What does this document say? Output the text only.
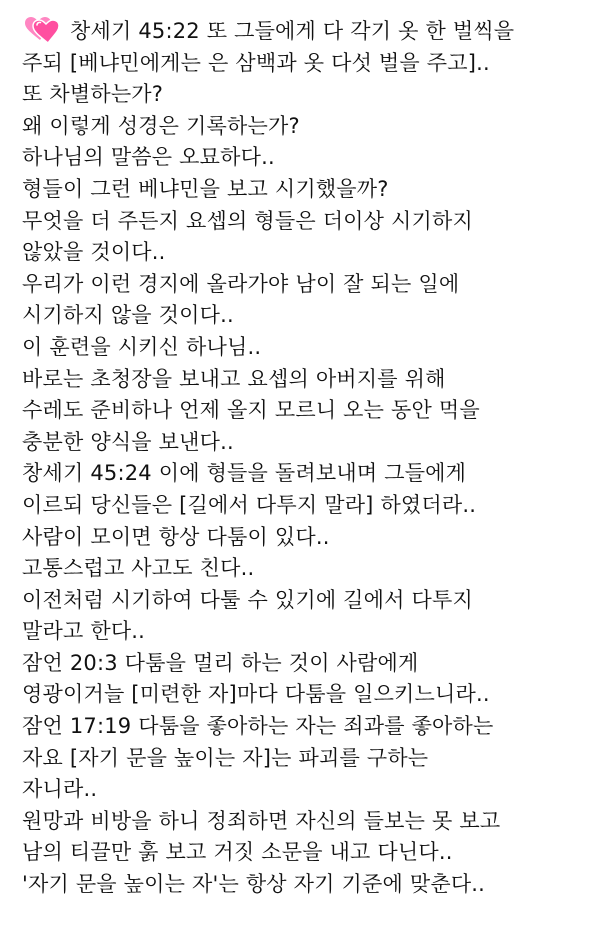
창세기 45:22 또 그들에게 다 각기 옷 한 벌씩을
주되 [베냐민에게는 은 삼백과 옷 다섯 벌을 주고]..
또 차별하는가?
왜 이렇게 성경은 기록하는가?
하나님의 말씀은 오묘하다..
형들이 그런 베냐민을 보고 시기했을까?
무엇을 더 주든지 요셉의 형들은 더이상 시기하지
않았을 것이다..
우리가 이런 경지에 올라가야 남이 잘 되는 일에
시기하지 않을 것이다..
이 훈련을 시키신 하나님..
바로는 초청장을 보내고 요셉의 아버지를 위해
수레도 준비하나 언제 올지 모르니 오는 동안 먹을
충분한 양식을 보낸다..
창세기 45:24 이에 형들을 돌려보내며 그들에게
이르되 당신들은 [길에서 다투지 말라] 하였더라..
사람이 모이면 항상 다툼이 있다..
고통스럽고 사고도 친다..
이전처럼 시기하여 다툴 수 있기에 길에서 다투지
말라고 한다..
잠언 20:3 다툼을 멀리 하는 것이 사람에게
영광이거늘 [미련한 자]마다 다툼을 일으키느니라..
잠언 17:19 다툼을 좋아하는 자는 죄과를 좋아하는
자요 [자기 문을 높이는 자]는 파괴를 구하는
자니라..
원망과 비방을 하니 정죄하면 자신의 들보는 못 보고
남의 티끌만 훍 보고 거짓 소문을 내고 다닌다..
'자기 문을 높이는 자'는 항상 자기 기준에 맞춘다..
